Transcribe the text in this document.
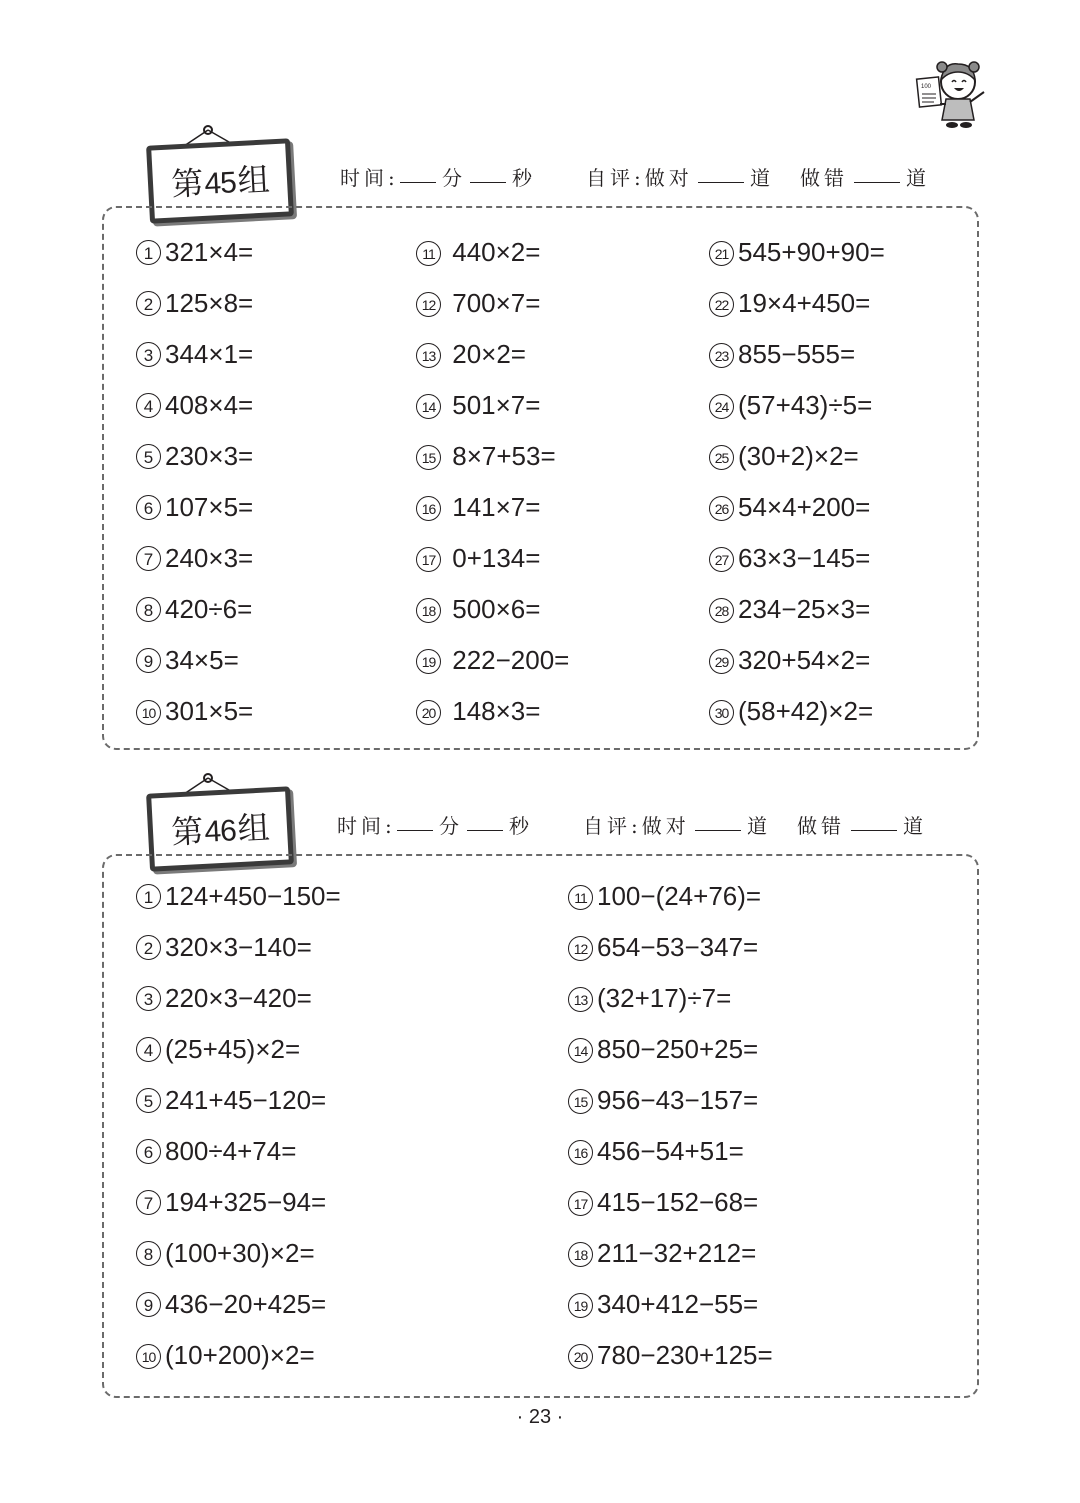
100
第45组	时间: 分 秒	自评:做对	道 做错	道
1 321×4=
2 125×8=
3 344×1=
4 408×4=
5 230×3=
6 107×5=
7 240×3=
8 420÷6=
9 34×5=
10 301×5=
11 440×2=
12 700×7=
13 20×2=
14 501×7=
15 8×7+53=
16 141×7=
17 0+134=
18 500×6=
19 222−200=
20 148×3=
21 545+90+90=
22 19×4+450=
23 855−555=
24 (57+43)÷5=
25 (30+2)×2=
26 54×4+200=
27 63×3−145=
28 234−25×3=
29 320+54×2=
30 (58+42)×2=
第46组	时间: 分 秒	自评:做对	道 做错	道
1 124+450−150=
2 320×3−140=
3 220×3−420=
4 (25+45)×2=
5 241+45−120=
6 800÷4+74=
7 194+325−94=
8 (100+30)×2=
9 436−20+425=
10 (10+200)×2=
11 100−(24+76)=
12 654−53−347=
13 (32+17)÷7=
14 850−250+25=
15 956−43−157=
16 456−54+51=
17 415−152−68=
18 211−32+212=
19 340+412−55=
20 780−230+125=
· 23 ·
